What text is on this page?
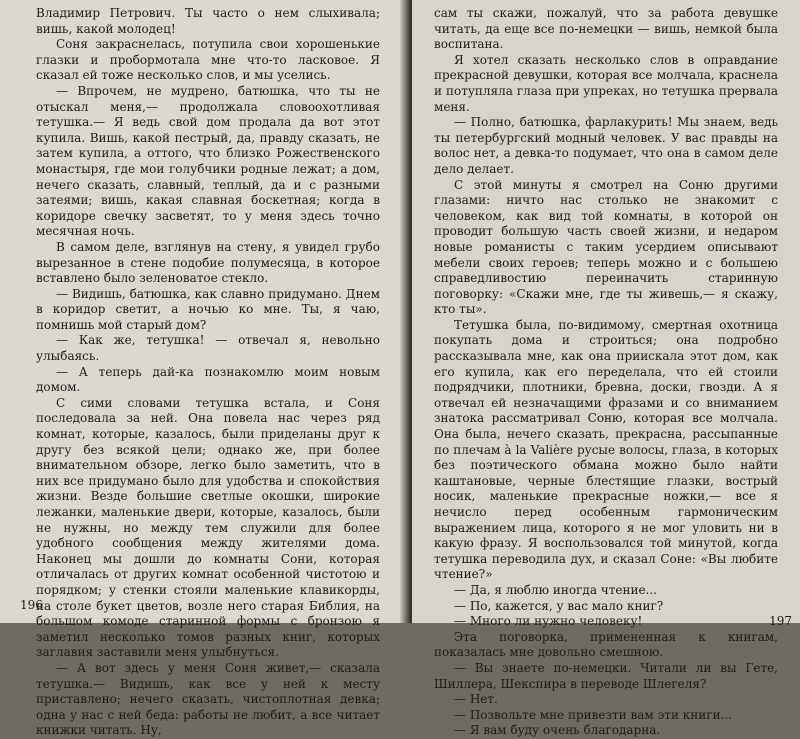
Владимир Петрович. Ты часто о нем слыхивала; вишь, какой молодец!

Соня закраснелась, потупила свои хорошенькие глазки и пробормотала мне что-то ласковое. Я сказал ей тоже несколько слов, и мы уселись.

— Впрочем, не мудрено, батюшка, что ты не отыскал меня,— продолжала словоохотливая тетушка.— Я ведь свой дом продала да вот этот купила. Вишь, какой пестрый, да, правду сказать, не затем купила, а оттого, что близко Рожественского монастыря, где мои голубчики родные лежат; а дом, нечего сказать, славный, теплый, да и с разными затеями; вишь, какая славная боскетная; когда в коридоре свечку засветят, то у меня здесь точно месячная ночь.

В самом деле, взглянув на стену, я увидел грубо вырезанное в стене подобие полумесяца, в которое вставлено было зеленоватое стекло.

— Видишь, батюшка, как славно придумано. Днем в коридор светит, а ночью ко мне. Ты, я чаю, помнишь мой старый дом?

— Как же, тетушка! — отвечал я, невольно улыбаясь.

— А теперь дай-ка познакомлю моим новым домом.

С сими словами тетушка встала, и Соня последовала за ней. Она повела нас через ряд комнат, которые, казалось, были приделаны друг к другу без всякой цели; однако же, при более внимательном обзоре, легко было заметить, что в них все придумано было для удобства и спокойствия жизни. Везде большие светлые окошки, широкие лежанки, маленькие двери, которые, казалось, были не нужны, но между тем служили для более удобного сообщения между жителями дома. Наконец мы дошли до комнаты Сони, которая отличалась от других комнат особенной чистотою и порядком; у стенки стояли маленькие клавикорды, на столе букет цветов, возле него старая Библия, на большом комоде старинной формы с бронзою я заметил несколько томов разных книг, которых заглавия заставили меня улыбнуться.

— А вот здесь у меня Соня живет,— сказала тетушка.— Видишь, как все у ней к месту приставлено; нечего сказать, чистоплотная девка; одна у нас с ней беда: работы не любит, а все читает книжки читать. Ну,

196

сам ты скажи, пожалуй, что за работа девушке читать, да еще все по-немецки — вишь, немкой была воспитана.

Я хотел сказать несколько слов в оправдание прекрасной девушки, которая все молчала, краснела и потупляла глаза при упреках, но тетушка прервала меня.

— Полно, батюшка, фарлакурить! Мы знаем, ведь ты петербургский модный человек. У вас правды на волос нет, а девка-то подумает, что она в самом деле дело делает.

С этой минуты я смотрел на Соню другими глазами: ничто нас столько не знакомит с человеком, как вид той комнаты, в которой он проводит большую часть своей жизни, и недаром новые романисты с таким усердием описывают мебели своих героев; теперь можно и с большею справедливостию переиначить старинную поговорку: «Скажи мне, где ты живешь,— я скажу, кто ты».

Тетушка была, по-видимому, смертная охотница покупать дома и строиться; она подробно рассказывала мне, как она приискала этот дом, как его купила, как его переделала, что ей стоили подрядчики, плотники, бревна, доски, гвозди. А я отвечал ей незначащими фразами и со вниманием знатока рассматривал Соню, которая все молчала. Она была, нечего сказать, прекрасна, рассыпанные по плечам à la Valière русые волосы, глаза, в которых без поэтического обмана можно было найти каштановые, черные блестящие глазки, вострый носик, маленькие прекрасные ножки,— все я нечисло перед особенным гармоническим выражением лица, которого я не мог уловить ни в какую фразу. Я воспользовался той минутой, когда тетушка переводила дух, и сказал Соне: «Вы любите чтение?»

— Да, я люблю иногда чтение...

— По, кажется, у вас мало книг?

— Много ли нужно человеку!

Эта поговорка, примененная к книгам, показалась мне довольно смешною.

— Вы знаете по-немецки. Читали ли вы Гете, Шиллера, Шекспира в переводе Шлегеля?

— Нет.

— Позвольте мне привезти вам эти книги...

— Я вам буду очень благодарна.

197
